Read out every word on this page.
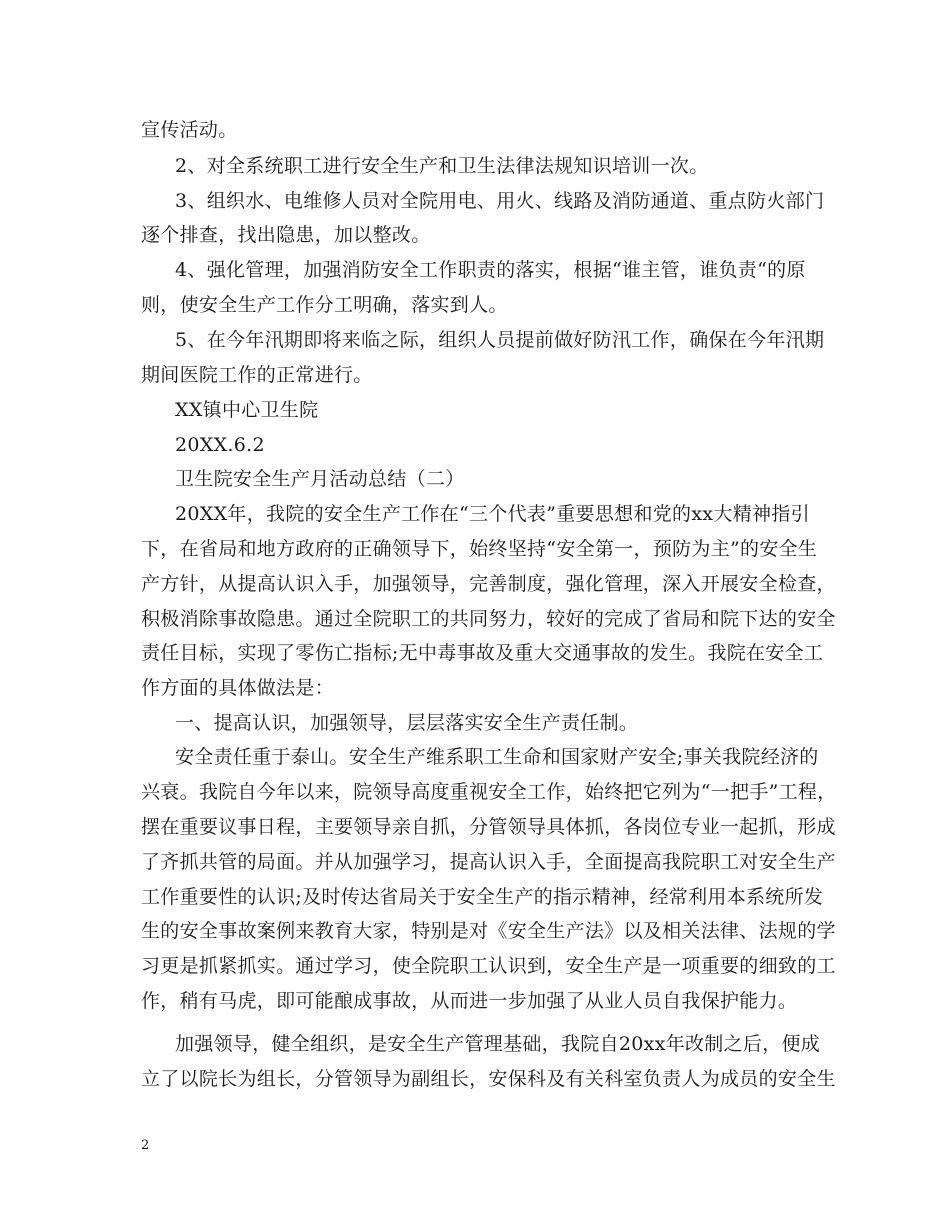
宣传活动。
2、对全系统职工进行安全生产和卫生法律法规知识培训一次。
3、组织水、电维修人员对全院用电、用火、线路及消防通道、重点防火部门
逐个排查，找出隐患，加以整改。
4、强化管理，加强消防安全工作职责的落实，根据“谁主管，谁负责“的原
则，使安全生产工作分工明确，落实到人。
5、在今年汛期即将来临之际，组织人员提前做好防汛工作，确保在今年汛期
期间医院工作的正常进行。
XX镇中心卫生院
20XX.6.2
卫生院安全生产月活动总结（二）
20XX年，我院的安全生产工作在“三个代表”重要思想和党的xx大精神指引
下，在省局和地方政府的正确领导下，始终坚持“安全第一，预防为主”的安全生
产方针，从提高认识入手，加强领导，完善制度，强化管理，深入开展安全检查，
积极消除事故隐患。通过全院职工的共同努力，较好的完成了省局和院下达的安全
责任目标，实现了零伤亡指标;无中毒事故及重大交通事故的发生。我院在安全工
作方面的具体做法是：
一、提高认识，加强领导，层层落实安全生产责任制。
安全责任重于泰山。安全生产维系职工生命和国家财产安全;事关我院经济的
兴衰。我院自今年以来，院领导高度重视安全工作，始终把它列为“一把手”工程，
摆在重要议事日程，主要领导亲自抓，分管领导具体抓，各岗位专业一起抓，形成
了齐抓共管的局面。并从加强学习，提高认识入手，全面提高我院职工对安全生产
工作重要性的认识;及时传达省局关于安全生产的指示精神，经常利用本系统所发
生的安全事故案例来教育大家，特别是对《安全生产法》以及相关法律、法规的学
习更是抓紧抓实。通过学习，使全院职工认识到，安全生产是一项重要的细致的工
作，稍有马虎，即可能酿成事故，从而进一步加强了从业人员自我保护能力。
加强领导，健全组织，是安全生产管理基础，我院自20xx年改制之后，便成
立了以院长为组长，分管领导为副组长，安保科及有关科室负责人为成员的安全生
2
